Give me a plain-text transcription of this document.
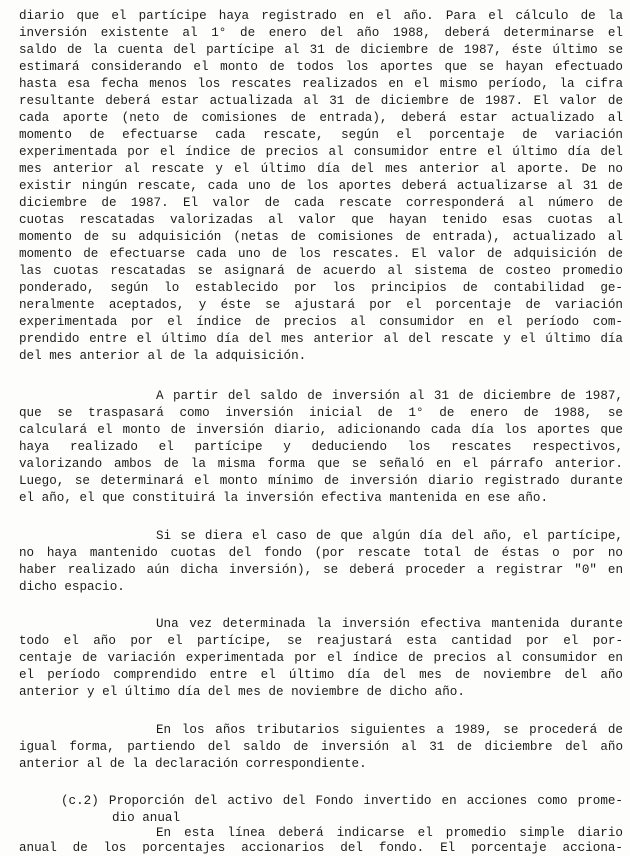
diario que el partícipe haya registrado en el año. Para el cálculo de la
inversión existente al 1° de enero del año 1988, deberá determinarse el
saldo de la cuenta del partícipe al 31 de diciembre de 1987, éste último se
estimará considerando el monto de todos los aportes que se hayan efectuado
hasta esa fecha menos los rescates realizados en el mismo período, la cifra
resultante deberá estar actualizada al 31 de diciembre de 1987. El valor de
cada aporte (neto de comisiones de entrada), deberá estar actualizado al
momento de efectuarse cada rescate, según el porcentaje de variación
experimentada por el índice de precios al consumidor entre el último día del
mes anterior al rescate y el último día del mes anterior al aporte. De no
existir ningún rescate, cada uno de los aportes deberá actualizarse al 31 de
diciembre de 1987. El valor de cada rescate corresponderá al número de
cuotas rescatadas valorizadas al valor que hayan tenido esas cuotas al
momento de su adquisición (netas de comisiones de entrada), actualizado al
momento de efectuarse cada uno de los rescates. El valor de adquisición de
las cuotas rescatadas se asignará de acuerdo al sistema de costeo promedio
ponderado, según lo establecido por los principios de contabilidad ge-
neralmente aceptados, y éste se ajustará por el porcentaje de variación
experimentada por el índice de precios al consumidor en el período com-
prendido entre el último día del mes anterior al del rescate y el último día
del mes anterior al de la adquisición.
A partir del saldo de inversión al 31 de diciembre de 1987,
que se traspasará como inversión inicial de 1° de enero de 1988, se
calculará el monto de inversión diario, adicionando cada día los aportes que
haya realizado el partícipe y deduciendo los rescates respectivos,
valorizando ambos de la misma forma que se señaló en el párrafo anterior.
Luego, se determinará el monto mínimo de inversión diario registrado durante
el año, el que constituirá la inversión efectiva mantenida en ese año.
Si se diera el caso de que algún día del año, el partícipe,
no haya mantenido cuotas del fondo (por rescate total de éstas o por no
haber realizado aún dicha inversión), se deberá proceder a registrar "0" en
dicho espacio.
Una vez determinada la inversión efectiva mantenida durante
todo el año por el partícipe, se reajustará esta cantidad por el por-
centaje de variación experimentada por el índice de precios al consumidor en
el período comprendido entre el último día del mes de noviembre del año
anterior y el último día del mes de noviembre de dicho año.
En los años tributarios siguientes a 1989, se procederá de
igual forma, partiendo del saldo de inversión al 31 de diciembre del año
anterior al de la declaración correspondiente.
(c.2) Proporción del activo del Fondo invertido en acciones como prome-
dio anual
En esta línea deberá indicarse el promedio simple diario
anual de los porcentajes accionarios del fondo. El porcentaje acciona-
